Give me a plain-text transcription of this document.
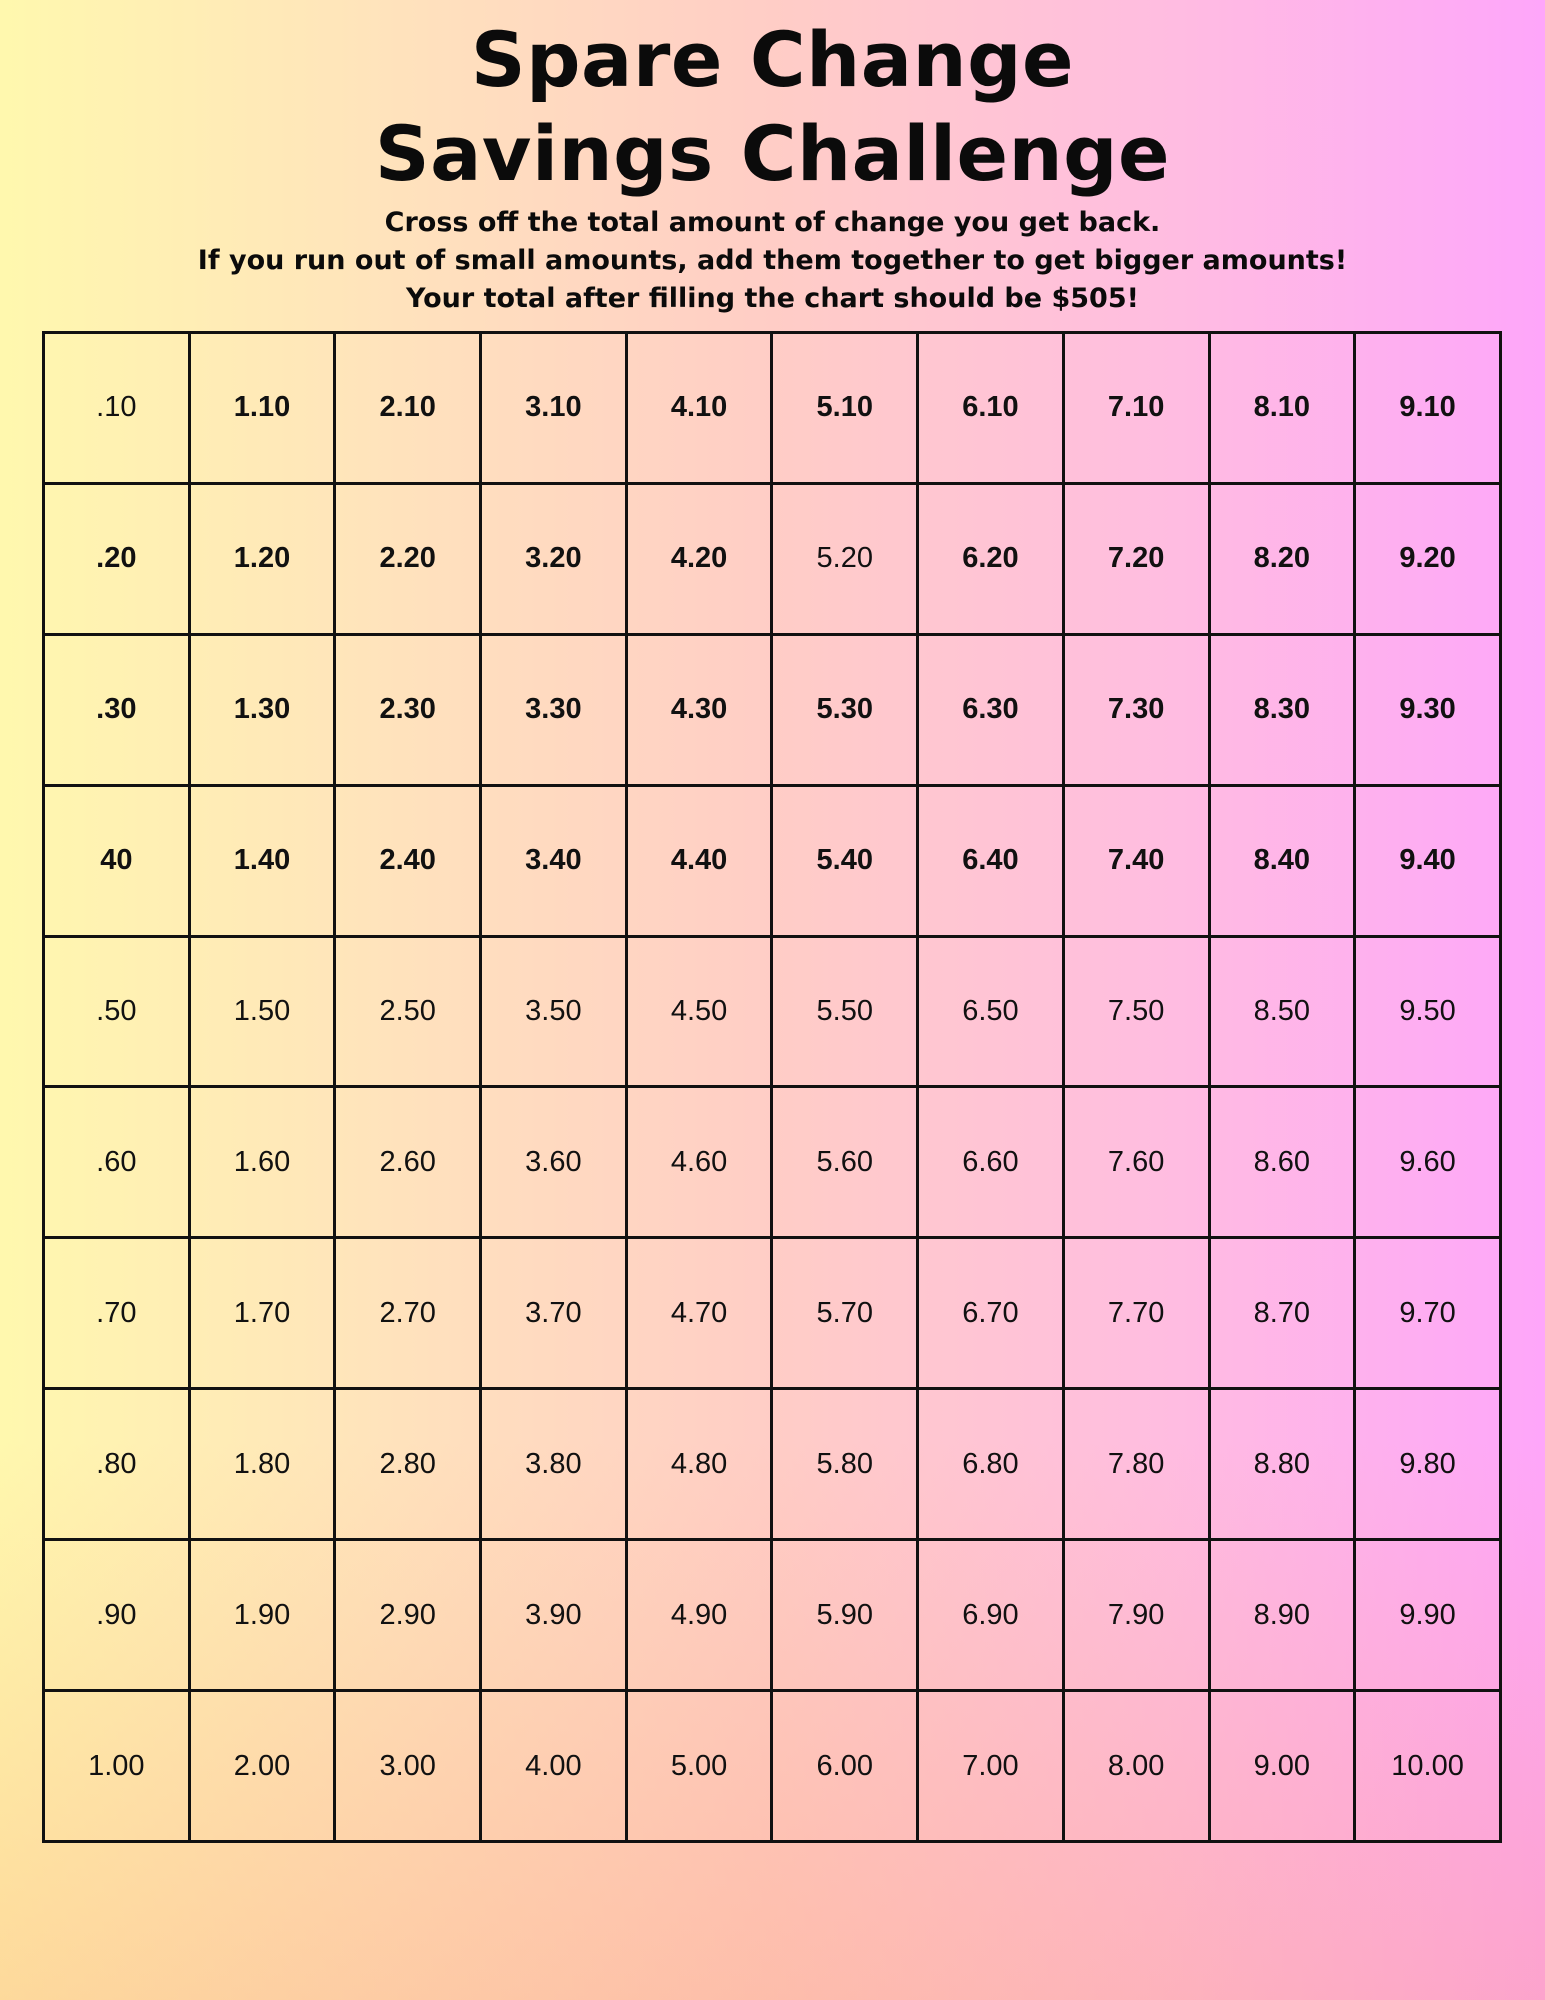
Spare Change
Savings Challenge
Cross off the total amount of change you get back.
If you run out of small amounts, add them together to get bigger amounts!
Your total after filling the chart should be $505!
.10	1.10	2.10	3.10	4.10	5.10	6.10	7.10	8.10	9.10
.20	1.20	2.20	3.20	4.20	5.20	6.20	7.20	8.20	9.20
.30	1.30	2.30	3.30	4.30	5.30	6.30	7.30	8.30	9.30
40	1.40	2.40	3.40	4.40	5.40	6.40	7.40	8.40	9.40
.50	1.50	2.50	3.50	4.50	5.50	6.50	7.50	8.50	9.50
.60	1.60	2.60	3.60	4.60	5.60	6.60	7.60	8.60	9.60
.70	1.70	2.70	3.70	4.70	5.70	6.70	7.70	8.70	9.70
.80	1.80	2.80	3.80	4.80	5.80	6.80	7.80	8.80	9.80
.90	1.90	2.90	3.90	4.90	5.90	6.90	7.90	8.90	9.90
1.00	2.00	3.00	4.00	5.00	6.00	7.00	8.00	9.00	10.00
